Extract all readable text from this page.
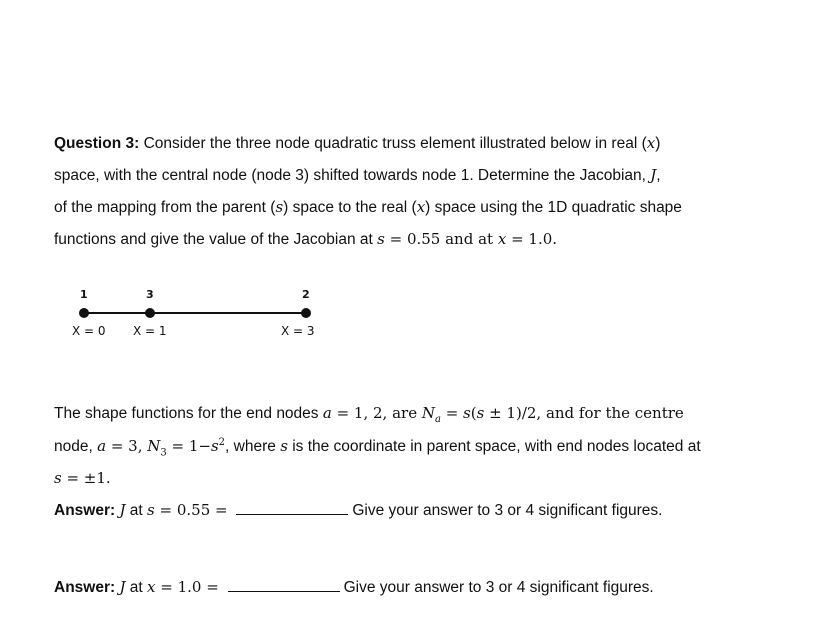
Question 3: Consider the three node quadratic truss element illustrated below in real (x)
space, with the central node (node 3) shifted towards node 1. Determine the Jacobian, J,
of the mapping from the parent (s) space to the real (x) space using the 1D quadratic shape
functions and give the value of the Jacobian at s = 0.55 and at x = 1.0.
1	3	2
X = 0 X = 1	X = 3
The shape functions for the end nodes a = 1, 2, are $N_a = s(s \pm 1)/2$, and for the centre
node, a = 3, $N_3 = 1-s^2$, where s is the coordinate in parent space, with end nodes located at
s = ±1.
Answer: J at s = 0.55 =	Give your answer to 3 or 4 significant figures.
Answer: J at x = 1.0 =	Give your answer to 3 or 4 significant figures.
